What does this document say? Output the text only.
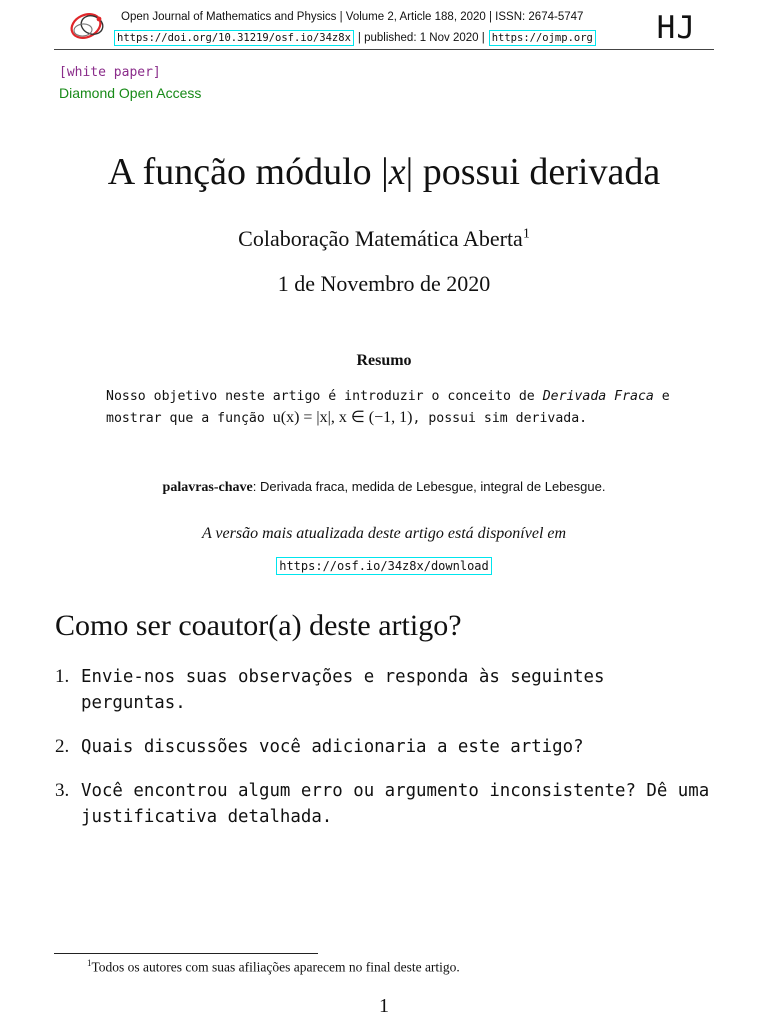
Open Journal of Mathematics and Physics | Volume 2, Article 188, 2020 | ISSN: 2674-5747
https://doi.org/10.31219/osf.io/34z8x | published: 1 Nov 2020 | https://ojmp.org HJ
[white paper]
Diamond Open Access
A função módulo |x| possui derivada
Colaboração Matemática Aberta$^1$
1 de Novembro de 2020
Resumo
Nosso objetivo neste artigo é introduzir o conceito de Derivada Fraca e mostrar que a função u(x) = |x|, x ∈ (−1, 1), possui sim derivada.
palavras-chave: Derivada fraca, medida de Lebesgue, integral de Lebesgue.
A versão mais atualizada deste artigo está disponível em
https://osf.io/34z8x/download
Como ser coautor(a) deste artigo?
1. Envie-nos suas observações e responda às seguintes perguntas.
2. Quais discussões você adicionaria a este artigo?
3. Você encontrou algum erro ou argumento inconsistente? Dê uma justificativa detalhada.
$^1$Todos os autores com suas afiliações aparecem no final deste artigo.
1
